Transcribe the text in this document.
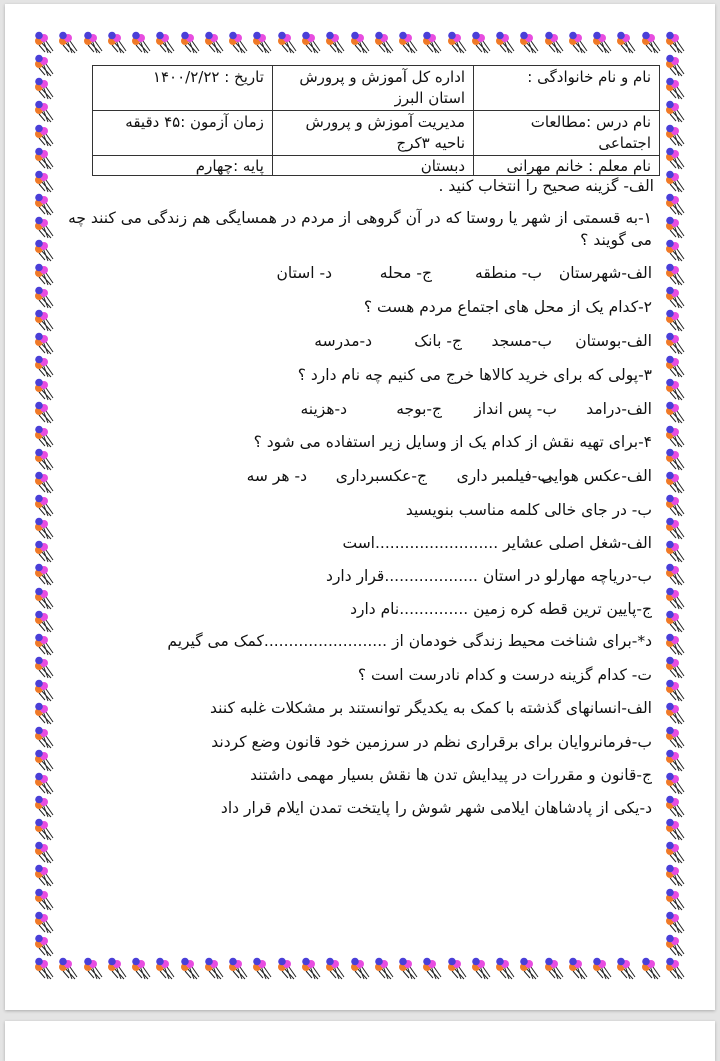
نام و نام خانوادگی :	اداره کل آموزش و پرورش استان البرز	تاریخ : ۱۴۰۰/۲/۲۲
نام درس :مطالعات اجتماعی	مدیریت آموزش و پرورش ناحیه ۳کرج	زمان آزمون :۴۵ دقیقه
نام معلم : خانم مهرانی	دبستان	پایه :چهارم
الف- گزینه صحیح را انتخاب کنید .
۱-به قسمتی از شهر یا روستا که در آن گروهی از مردم در همسایگی هم زندگی می کنند چه
می گویند ؟
الف-شهرستان
ب- منطقه
ج- محله
د- استان
۲-کدام یک از محل های اجتماع مردم هست ؟
الف-بوستان
ب-مسجد
ج- بانک
د-مدرسه
۳-پولی که برای خرید کالاها خرج می کنیم چه نام دارد ؟
الف-درامد
ب- پس انداز
ج-بوجه
د-هزینه
۴-برای تهیه نقش از کدام یک از وسایل زیر استفاده می شود ؟
الف-عکس هوایی
ب-فیلمبر داری
ج-عکسبرداری
د- هر سه
ب- در جای خالی کلمه مناسب بنویسید
الف-شغل اصلی عشایر .........................است
ب-دریاچه مهارلو در استان ...................قرار دارد
ج-پایین ترین قطه کره زمین ..............نام دارد
د*-برای شناخت محیط زندگی خودمان از .........................کمک می گیریم
ت- کدام گزینه درست و کدام نادرست است ؟
الف-انسانهای گذشته با کمک به یکدیگر توانستند بر مشکلات غلبه کنند
ب-فرمانروایان برای برقراری نظم در سرزمین خود قانون وضع کردند
ج-قانون و مقررات در پیدایش تدن ها نقش بسیار مهمی داشتند
د-یکی از پادشاهان ایلامی شهر شوش را پایتخت تمدن ایلام قرار داد
